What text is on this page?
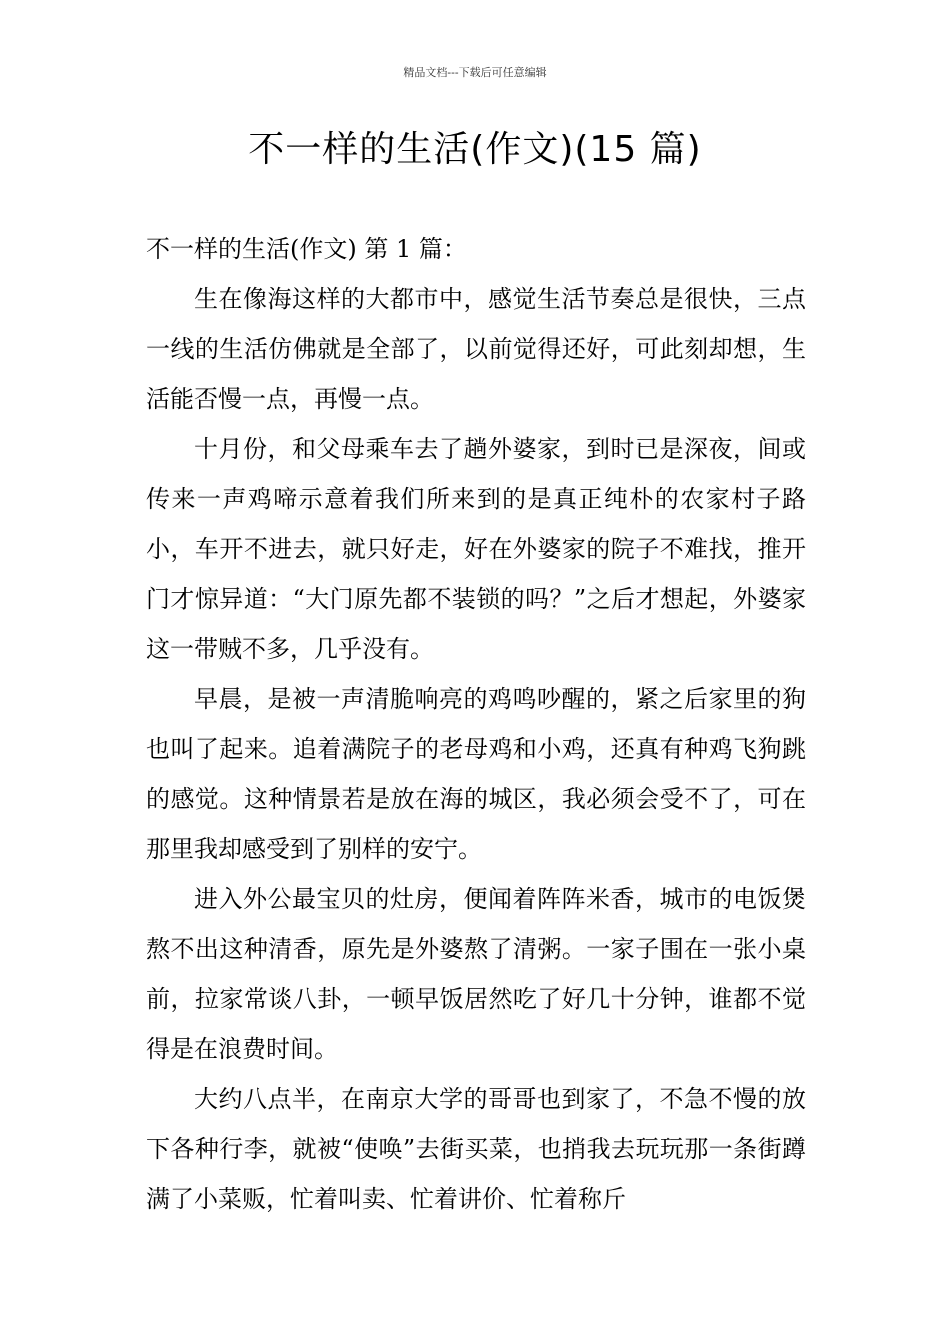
精品文档---下载后可任意编辑
不一样的生活(作文)(15 篇)

不一样的生活(作文) 第 1 篇：

生在像海这样的大都市中，感觉生活节奏总是很快，三点一线的生活仿佛就是全部了，以前觉得还好，可此刻却想，生活能否慢一点，再慢一点。

十月份，和父母乘车去了趟外婆家，到时已是深夜，间或传来一声鸡啼示意着我们所来到的是真正纯朴的农家村子路小，车开不进去，就只好走，好在外婆家的院子不难找，推开门才惊异道：“大门原先都不装锁的吗？”之后才想起，外婆家这一带贼不多，几乎没有。

早晨，是被一声清脆响亮的鸡鸣吵醒的，紧之后家里的狗也叫了起来。追着满院子的老母鸡和小鸡，还真有种鸡飞狗跳的感觉。这种情景若是放在海的城区，我必须会受不了，可在那里我却感受到了别样的安宁。

进入外公最宝贝的灶房，便闻着阵阵米香，城市的电饭煲熬不出这种清香，原先是外婆熬了清粥。一家子围在一张小桌前，拉家常谈八卦，一顿早饭居然吃了好几十分钟，谁都不觉得是在浪费时间。

大约八点半，在南京大学的哥哥也到家了，不急不慢的放下各种行李，就被“使唤”去街买菜，也捎我去玩玩那一条街蹲满了小菜贩，忙着叫卖、忙着讲价、忙着称斤
